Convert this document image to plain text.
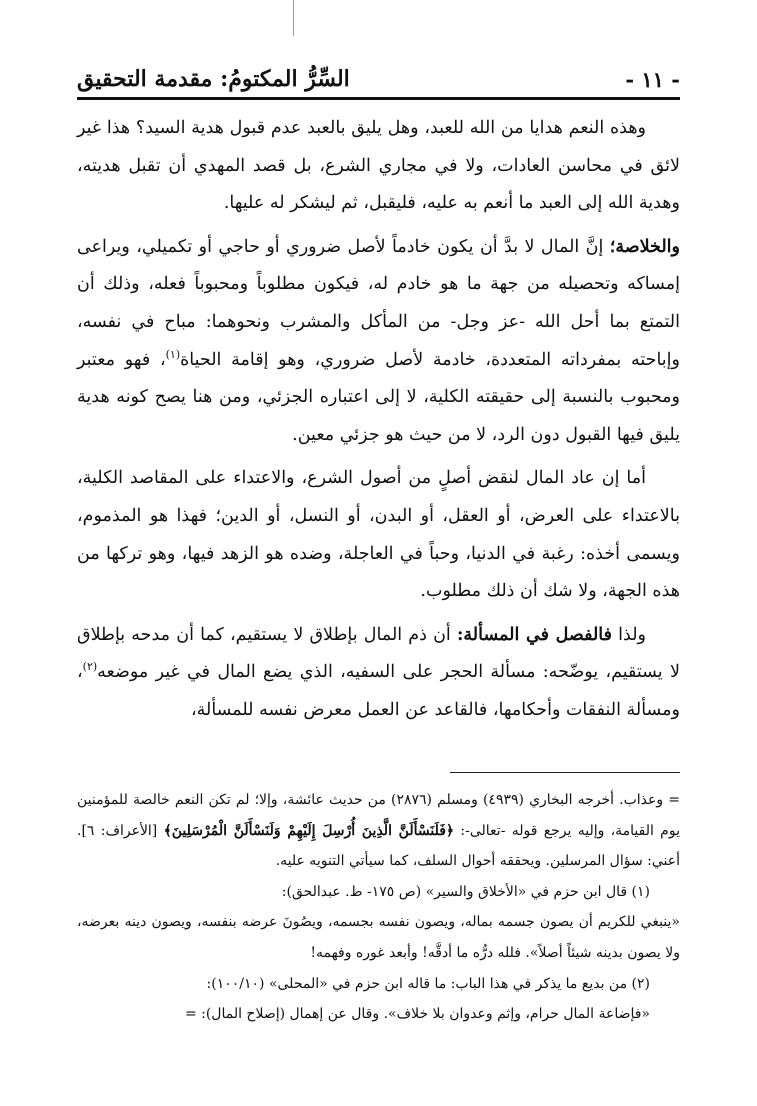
السِّرُّ المكتومُ: مقدمة التحقيق	- ١١ -

وهذه النعم هدايا من الله للعبد، وهل يليق بالعبد عدم قبول هدية السيد؟ هذا غير لائق في محاسن العادات، ولا في مجاري الشرع، بل قصد المهدي أن تقبل هديته، وهدية الله إلى العبد ما أنعم به عليه، فليقبل، ثم ليشكر له عليها.

والخلاصة؛ إنَّ المال لا بدَّ أن يكون خادماً لأصل ضروري أو حاجي أو تكميلي، ويراعى إمساكه وتحصيله من جهة ما هو خادم له، فيكون مطلوباً ومحبوباً فعله، وذلك أن التمتع بما أحل الله -عز وجل- من المأكل والمشرب ونحوهما: مباح في نفسه، وإباحته بمفرداته المتعددة، خادمة لأصل ضروري، وهو إقامة الحياة$^{(١)}$، فهو معتبر ومحبوب بالنسبة إلى حقيقته الكلية، لا إلى اعتباره الجزئي، ومن هنا يصح كونه هدية يليق فيها القبول دون الرد، لا من حيث هو جزئي معين.

أما إن عاد المال لنقض أصلٍ من أصول الشرع، والاعتداء على المقاصد الكلية، بالاعتداء على العرض، أو العقل، أو البدن، أو النسل، أو الدين؛ فهذا هو المذموم، ويسمى أخذه: رغبة في الدنيا، وحباً في العاجلة، وضده هو الزهد فيها، وهو تركها من هذه الجهة، ولا شك أن ذلك مطلوب.

ولذا فالفصل في المسألة: أن ذم المال بإطلاق لا يستقيم، كما أن مدحه بإطلاق لا يستقيم، يوضّحه: مسألة الحجر على السفيه، الذي يضع المال في غير موضعه$^{(٢)}$، ومسألة النفقات وأحكامها، فالقاعد عن العمل معرض نفسه للمسألة،

= وعذاب. أخرجه البخاري (٤٩٣٩) ومسلم (٢٨٧٦) من حديث عائشة، وإلا؛ لم تكن النعم خالصة للمؤمنين يوم القيامة، وإليه يرجع قوله -تعالى-: ﴿فَلَنَسْأَلَنَّ الَّذِينَ أُرْسِلَ إِلَيْهِمْ وَلَنَسْأَلَنَّ الْمُرْسَلِينَ﴾ [الأعراف: ٦]. أعني: سؤال المرسلين. ويحققه أحوال السلف، كما سيأتي التنويه عليه.

(١) قال ابن حزم في «الأخلاق والسير» (ص ١٧٥- ط. عبدالحق):

«ينبغي للكريم أن يصون جسمه بماله، ويصون نفسه بجسمه، ويصُونَ عرضه بنفسه، ويصون دينه بعرضه، ولا يصون بدينه شيئاً أصلاً». فلله درُّه ما أدقَّه! وأبعد غوره وفهمه!

(٢) من بديع ما يذكر في هذا الباب: ما قاله ابن حزم في «المحلى» (١٠٠/١٠):

«فإضاعة المال حرام، وإثم وعدوان بلا خلاف». وقال عن إهمال (إصلاح المال): =
